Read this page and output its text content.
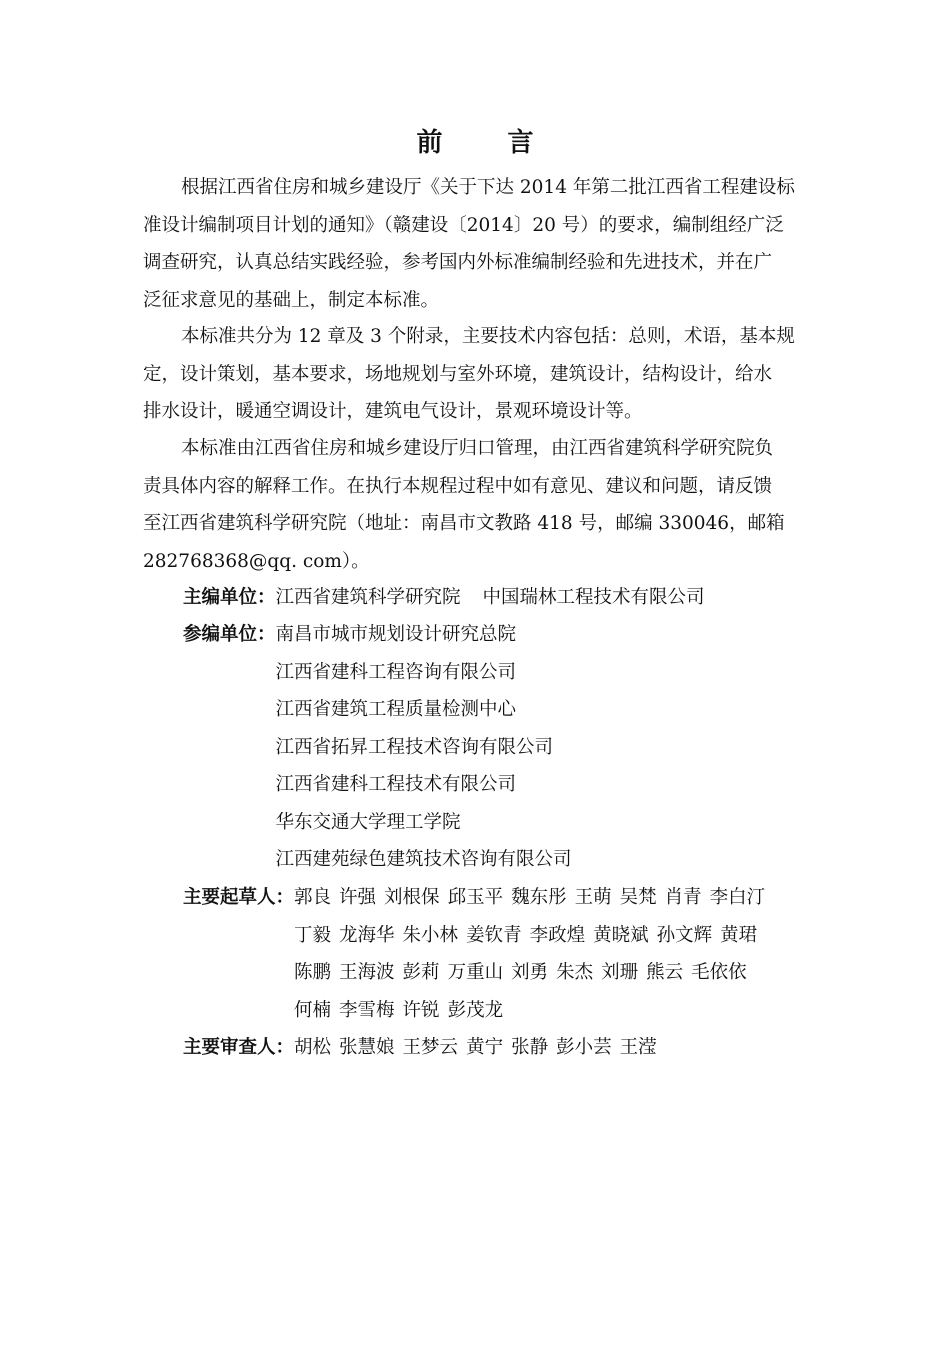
前 言
根据江西省住房和城乡建设厅《关于下达 2014 年第二批江西省工程建设标
准设计编制项目计划的通知》（赣建设〔2014〕20 号）的要求，编制组经广泛
调查研究，认真总结实践经验，参考国内外标准编制经验和先进技术，并在广
泛征求意见的基础上，制定本标准。
本标准共分为 12 章及 3 个附录，主要技术内容包括：总则，术语，基本规
定，设计策划，基本要求，场地规划与室外环境，建筑设计，结构设计，给水
排水设计，暖通空调设计，建筑电气设计，景观环境设计等。
本标准由江西省住房和城乡建设厅归口管理，由江西省建筑科学研究院负
责具体内容的解释工作。在执行本规程过程中如有意见、建议和问题，请反馈
至江西省建筑科学研究院（地址：南昌市文教路 418 号，邮编 330046，邮箱
282768368@qq. com）。
主编单位： 江西省建筑科学研究院 中国瑞林工程技术有限公司
参编单位： 南昌市城市规划设计研究总院
江西省建科工程咨询有限公司
江西省建筑工程质量检测中心
江西省拓昇工程技术咨询有限公司
江西省建科工程技术有限公司
华东交通大学理工学院
江西建苑绿色建筑技术咨询有限公司
主要起草人： 郭良 许强 刘根保 邱玉平 魏东彤 王萌 吴梵 肖青 李白汀
丁毅 龙海华 朱小林 姜钦青 李政煌 黄晓斌 孙文辉 黄珺
陈鹏 王海波 彭莉 万重山 刘勇 朱杰 刘珊 熊云 毛依依
何楠 李雪梅 许锐 彭茂龙
主要审查人： 胡松 张慧娘 王梦云 黄宁 张静 彭小芸 王滢
